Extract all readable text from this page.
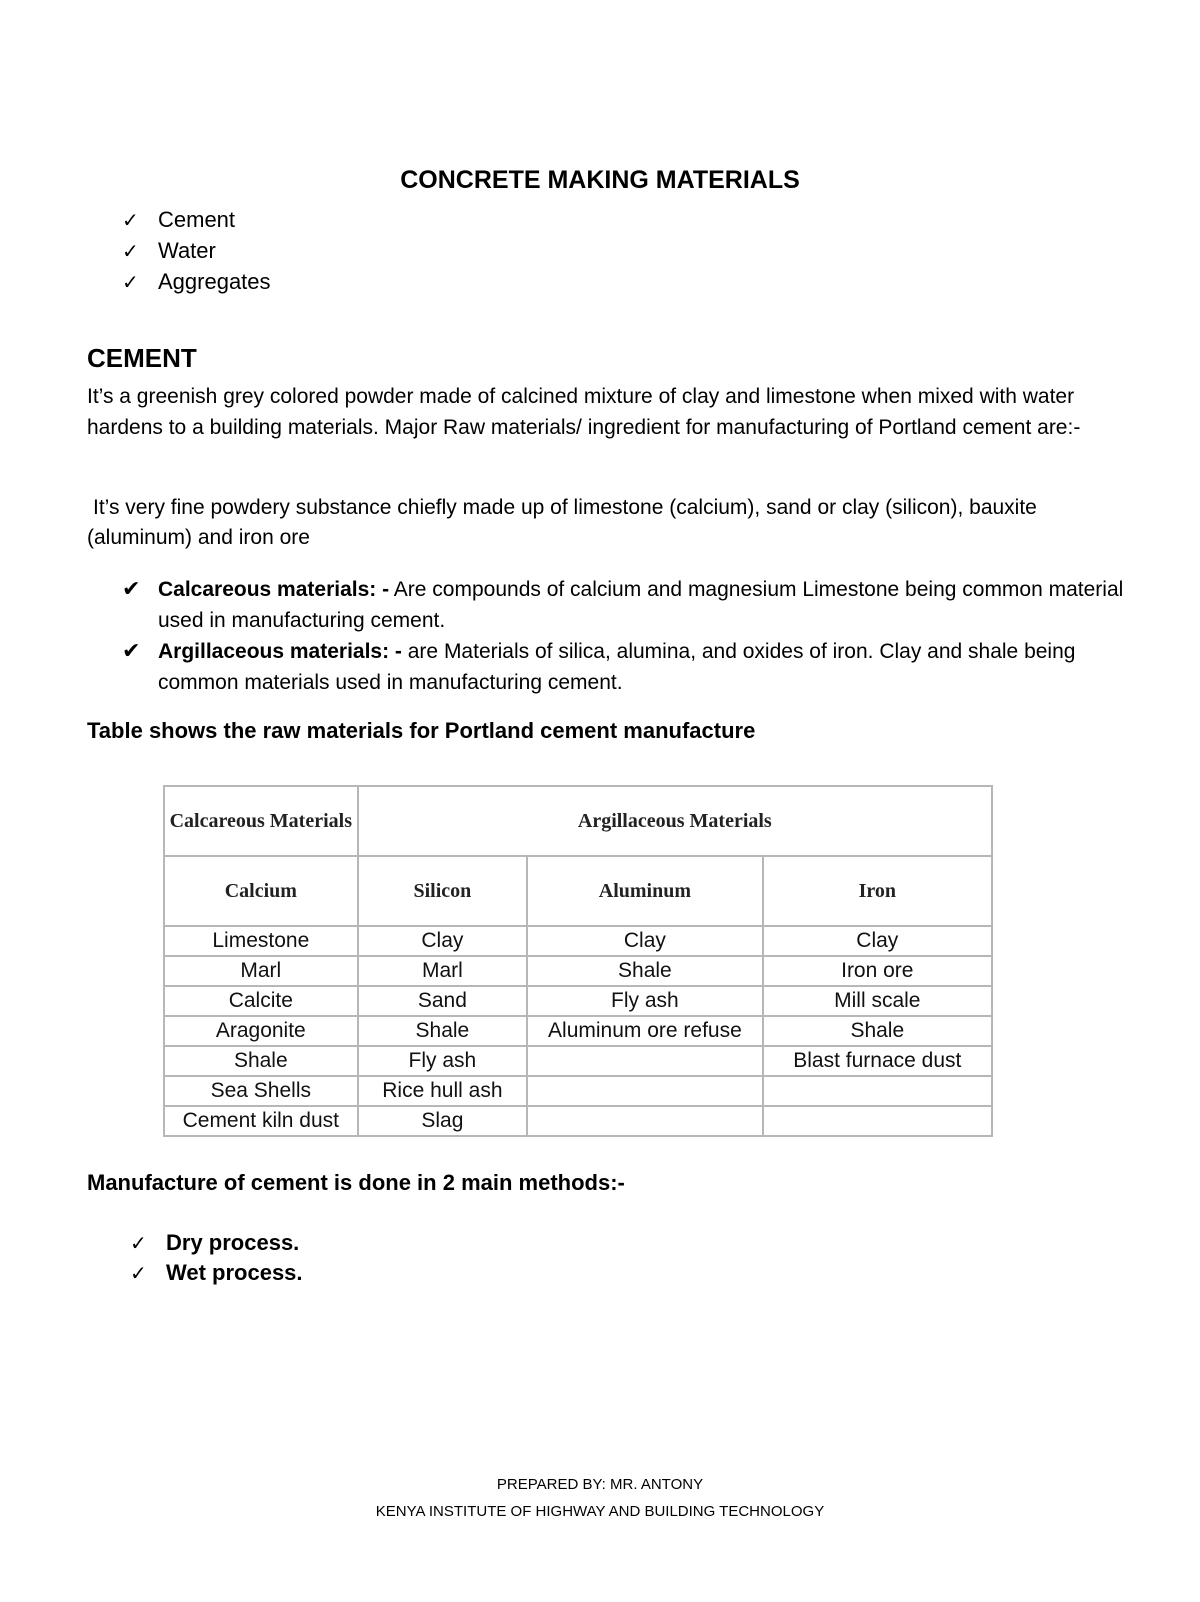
CONCRETE MAKING MATERIALS
✓ Cement
✓ Water
✓ Aggregates
CEMENT

It’s a greenish grey colored powder made of calcined mixture of clay and limestone when mixed with water hardens to a building materials. Major Raw materials/ ingredient for manufacturing of Portland cement are:-

It’s very fine powdery substance chiefly made up of limestone (calcium), sand or clay (silicon), bauxite (aluminum) and iron ore

✔ Calcareous materials: - Are compounds of calcium and magnesium Limestone being common material used in manufacturing cement.
✔ Argillaceous materials: - are Materials of silica, alumina, and oxides of iron. Clay and shale being common materials used in manufacturing cement.
Table shows the raw materials for Portland cement manufacture
Calcareous Materials	Argillaceous Materials		
Calcium	Silicon	Aluminum	Iron
Limestone	Clay	Clay	Clay
Marl	Marl	Shale	Iron ore
Calcite	Sand	Fly ash	Mill scale
Aragonite	Shale	Aluminum ore refuse	Shale
Shale	Fly ash		Blast furnace dust
Sea Shells	Rice hull ash		
Cement kiln dust	Slag		
Manufacture of cement is done in 2 main methods:-
✓ Dry process.
✓ Wet process.
PREPARED BY: MR. ANTONY
KENYA INSTITUTE OF HIGHWAY AND BUILDING TECHNOLOGY
